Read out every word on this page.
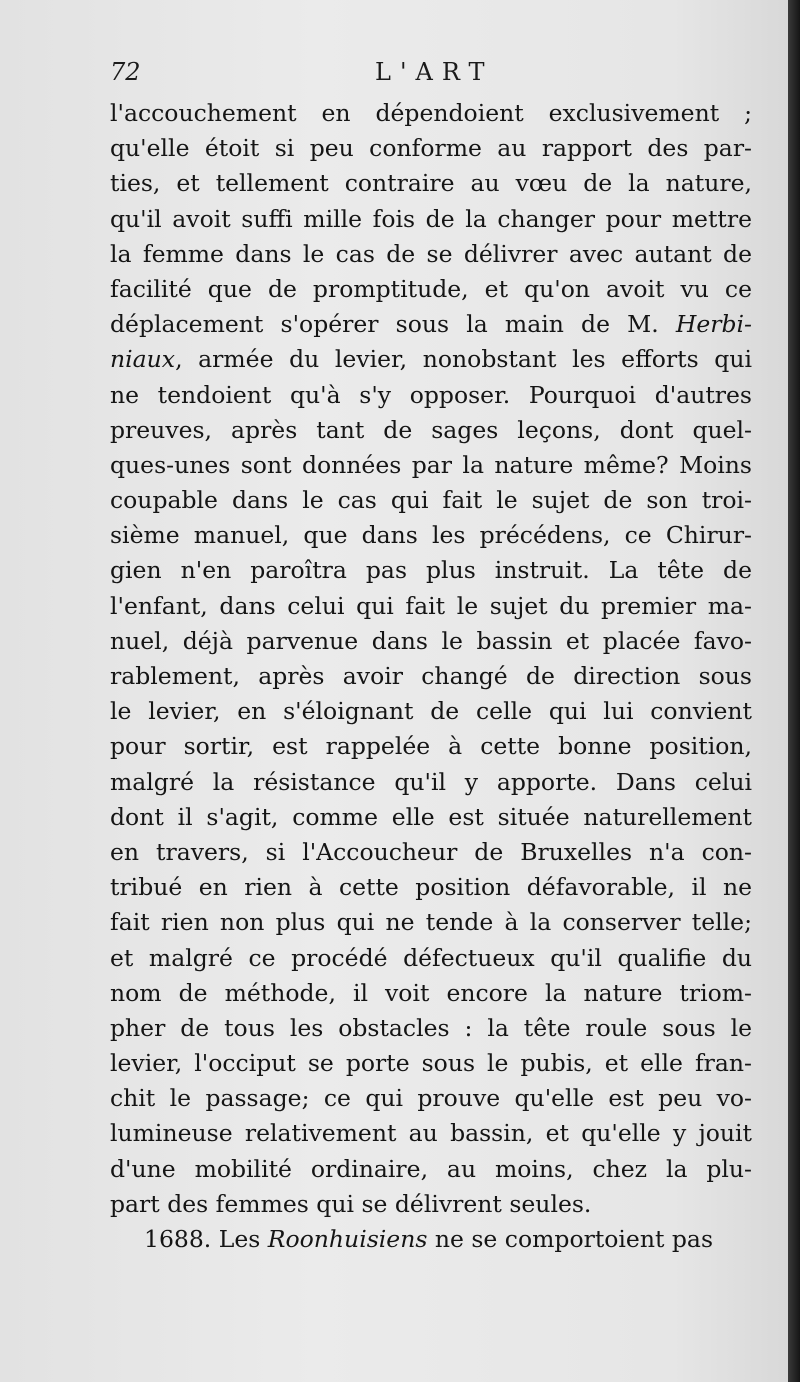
72	L'ART
l'accouchement en dépendoient exclusivement ;
qu'elle étoit si peu conforme au rapport des par-
ties, et tellement contraire au vœu de la nature,
qu'il avoit suffi mille fois de la changer pour mettre
la femme dans le cas de se délivrer avec autant de
facilité que de promptitude, et qu'on avoit vu ce
déplacement s'opérer sous la main de M. Herbi-
niaux, armée du levier, nonobstant les efforts qui
ne tendoient qu'à s'y opposer. Pourquoi d'autres
preuves, après tant de sages leçons, dont quel-
ques-unes sont données par la nature même? Moins
coupable dans le cas qui fait le sujet de son troi-
sième manuel, que dans les précédens, ce Chirur-
gien n'en paroîtra pas plus instruit. La tête de
l'enfant, dans celui qui fait le sujet du premier ma-
nuel, déjà parvenue dans le bassin et placée favo-
rablement, après avoir changé de direction sous
le levier, en s'éloignant de celle qui lui convient
pour sortir, est rappelée à cette bonne position,
malgré la résistance qu'il y apporte. Dans celui
dont il s'agit, comme elle est située naturellement
en travers, si l'Accoucheur de Bruxelles n'a con-
tribué en rien à cette position défavorable, il ne
fait rien non plus qui ne tende à la conserver telle;
et malgré ce procédé défectueux qu'il qualifie du
nom de méthode, il voit encore la nature triom-
pher de tous les obstacles : la tête roule sous le
levier, l'occiput se porte sous le pubis, et elle fran-
chit le passage; ce qui prouve qu'elle est peu vo-
lumineuse relativement au bassin, et qu'elle y jouit
d'une mobilité ordinaire, au moins, chez la plu-
part des femmes qui se délivrent seules.
1688. Les Roonhuisiens ne se comportoient pas
